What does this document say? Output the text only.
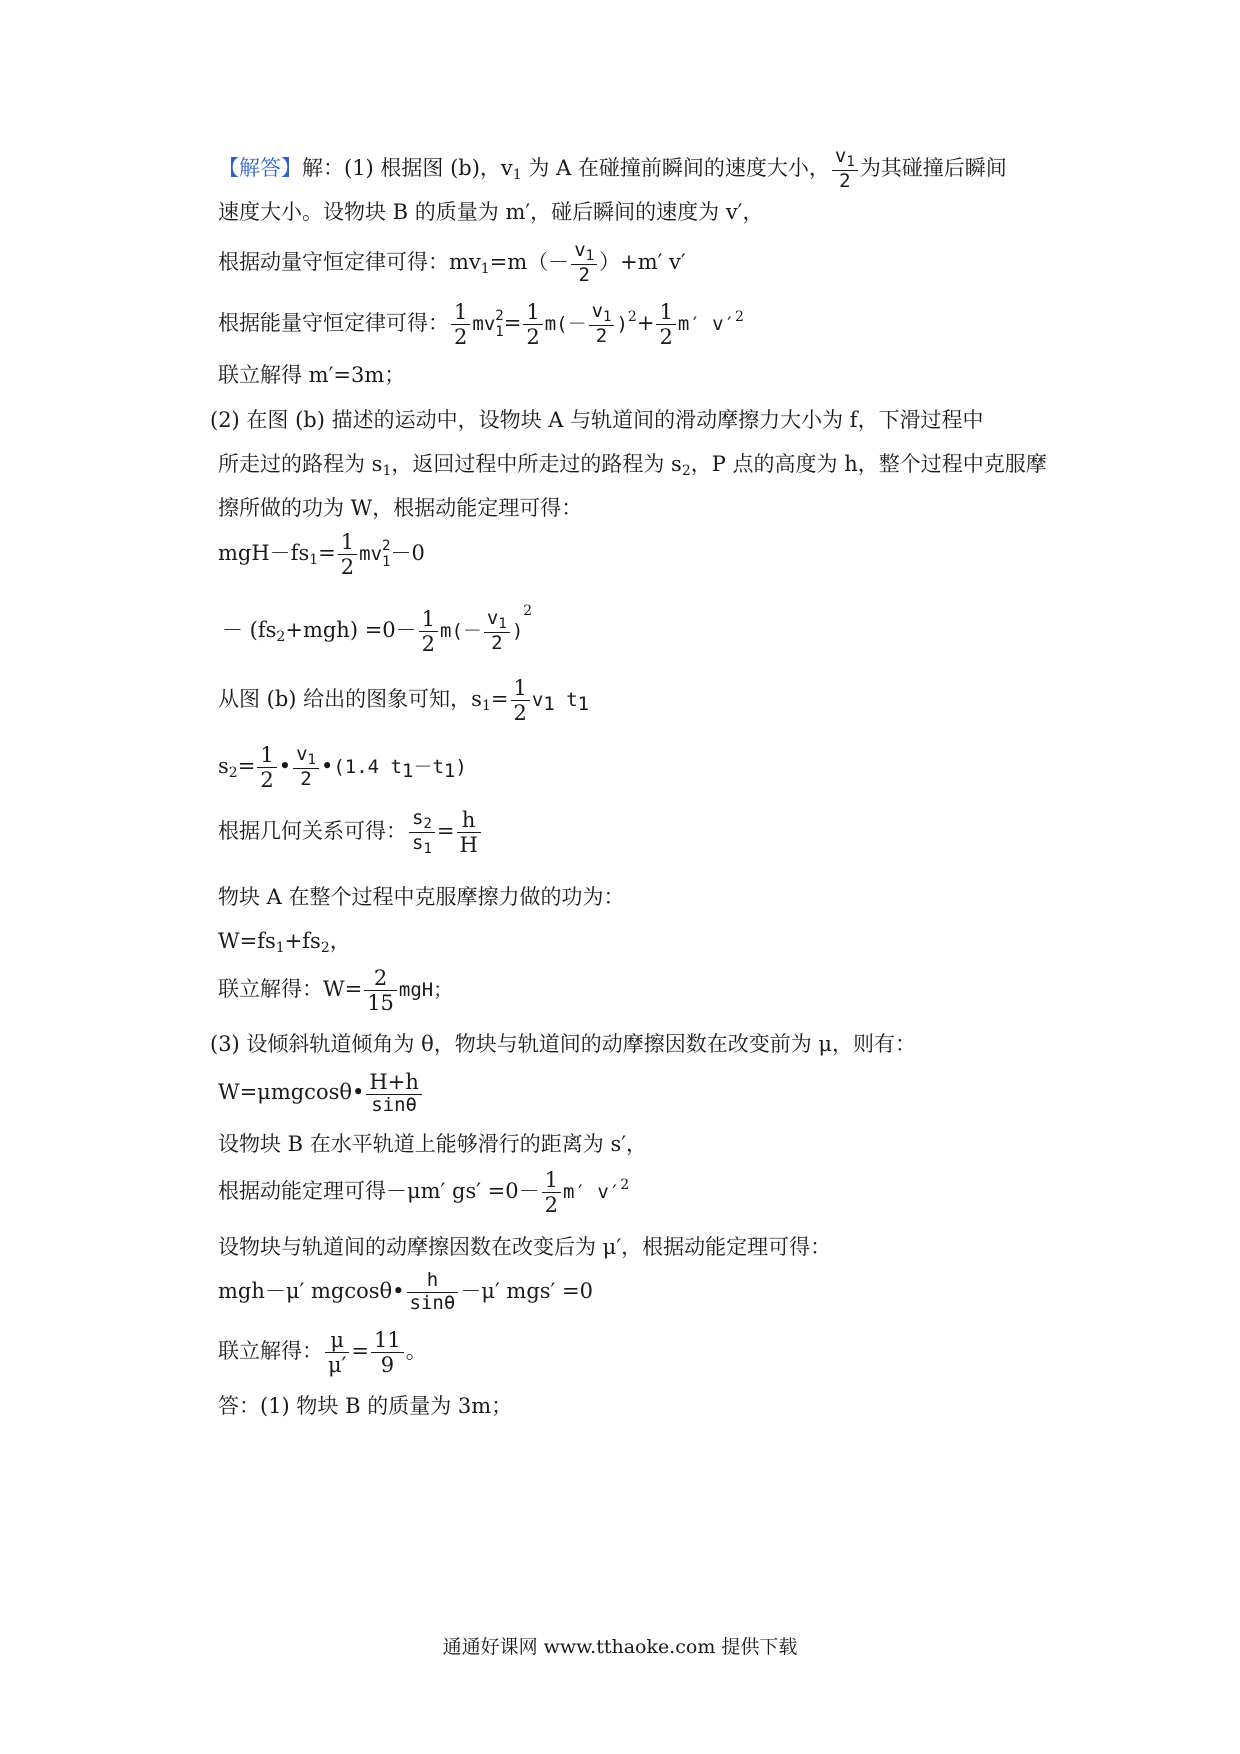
【解答】解：(1) 根据图 (b)，$v_1$ 为 A 在碰撞前瞬间的速度大小， $\frac{v_1}{2}$ 为其碰撞后瞬间
速度大小。设物块 B 的质量为 m′，碰后瞬间的速度为 v′，
根据动量守恒定律可得：$mv_1=m(- \frac{v_1}{2} )+m'$ v′
根据能量守恒定律可得： $\frac{1}{2}$ mv 2
$1 = \frac{1}{2} m(- \frac{v_1}{2} )^2+ \frac{1}{2} m'$ $v'^2$
联立解得 m′=3m；
(2) 在图 (b) 描述的运动中，设物块 A 与轨道间的滑动摩擦力大小为 f，下滑过程中
所走过的路程为 $s_1$，返回过程中所走过的路程为 $s_2$，P 点的高度为 h，整个过程中克服摩
擦所做的功为 W，根据动能定理可得：
$mgH-fs_1= \frac{1}{2}$ mv 2
1 －0
－ $(fs_2+mgh) =0- \frac{1}{2} m(- \frac{v_1}{2} )^2$
从图 (b) 给出的图象可知，$s_1= \frac{1}{2} v_1$ $t_1$
$s_2= \frac{1}{2}$ • $\frac{v_1}{2}$ •(1.4 $t_1-t_1$)
根据几何关系可得： $\frac{s_2}{s_1} = \frac{h}{H}$
物块 A 在整个过程中克服摩擦力做的功为：
$W=fs_1+fs_2$，
联立解得：$W= \frac{2}{15}$ mgH；
(3) 设倾斜轨道倾角为 θ，物块与轨道间的动摩擦因数在改变前为 μ，则有：
W=μmgcosθ• $\frac{H+h}{\sin\theta}$
设物块 B 在水平轨道上能够滑行的距离为 s′，
根据动能定理可得－μm′ $gs' =0- \frac{1}{2} m'$ $v'^2$
设物块与轨道间的动摩擦因数在改变后为 μ′，根据动能定理可得：
mgh－μ′ mgcosθ• $\frac{h}{\sin\theta} -\mu'$ mgs′ =0
联立解得： $\frac{\mu}{\mu'} = \frac{11}{9}$ 。
答：(1) 物块 B 的质量为 3m；
通通好课网 www.tthaoke.com 提供下载
